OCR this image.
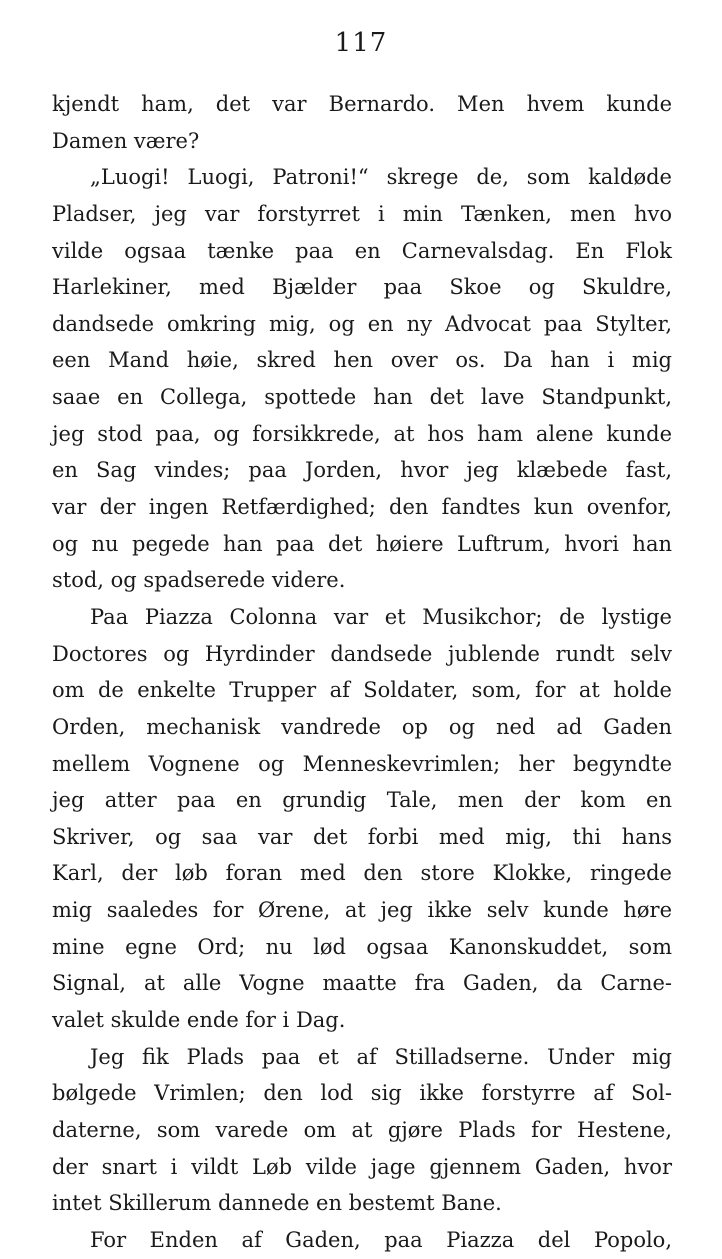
117
kjendt ham, det var Bernardo. Men hvem kunde
Damen være?
„Luogi! Luogi, Patroni!“ skrege de, som kaldøde
Pladser, jeg var forstyrret i min Tænken, men hvo
vilde ogsaa tænke paa en Carnevalsdag. En Flok
Harlekiner, med Bjælder paa Skoe og Skuldre,
dandsede omkring mig, og en ny Advocat paa Stylter,
een Mand høie, skred hen over os. Da han i mig
saae en Collega, spottede han det lave Standpunkt,
jeg stod paa, og forsikkrede, at hos ham alene kunde
en Sag vindes; paa Jorden, hvor jeg klæbede fast,
var der ingen Retfærdighed; den fandtes kun ovenfor,
og nu pegede han paa det høiere Luftrum, hvori han
stod, og spadserede videre.
Paa Piazza Colonna var et Musikchor; de lystige
Doctores og Hyrdinder dandsede jublende rundt selv
om de enkelte Trupper af Soldater, som, for at holde
Orden, mechanisk vandrede op og ned ad Gaden
mellem Vognene og Menneskevrimlen; her begyndte
jeg atter paa en grundig Tale, men der kom en
Skriver, og saa var det forbi med mig, thi hans
Karl, der løb foran med den store Klokke, ringede
mig saaledes for Ørene, at jeg ikke selv kunde høre
mine egne Ord; nu lød ogsaa Kanonskuddet, som
Signal, at alle Vogne maatte fra Gaden, da Carne-
valet skulde ende for i Dag.
Jeg fik Plads paa et af Stilladserne. Under mig
bølgede Vrimlen; den lod sig ikke forstyrre af Sol-
daterne, som varede om at gjøre Plads for Hestene,
der snart i vildt Løb vilde jage gjennem Gaden, hvor
intet Skillerum dannede en bestemt Bane.
For Enden af Gaden, paa Piazza del Popolo,
